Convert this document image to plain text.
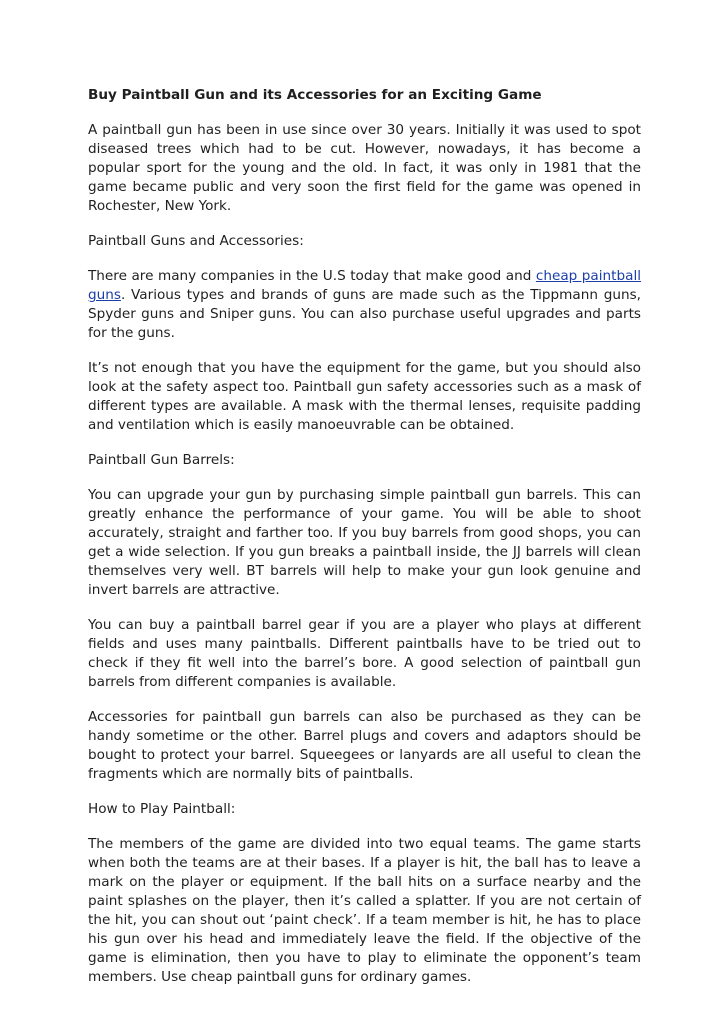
Buy Paintball Gun and its Accessories for an Exciting Game

A paintball gun has been in use since over 30 years. Initially it was used to spot diseased trees which had to be cut. However, nowadays, it has become a popular sport for the young and the old. In fact, it was only in 1981 that the game became public and very soon the first field for the game was opened in Rochester, New York.

Paintball Guns and Accessories:

There are many companies in the U.S today that make good and cheap paintball guns. Various types and brands of guns are made such as the Tippmann guns, Spyder guns and Sniper guns. You can also purchase useful upgrades and parts for the guns.

It’s not enough that you have the equipment for the game, but you should also look at the safety aspect too. Paintball gun safety accessories such as a mask of different types are available. A mask with the thermal lenses, requisite padding and ventilation which is easily manoeuvrable can be obtained.

Paintball Gun Barrels:

You can upgrade your gun by purchasing simple paintball gun barrels. This can greatly enhance the performance of your game. You will be able to shoot accurately, straight and farther too. If you buy barrels from good shops, you can get a wide selection. If you gun breaks a paintball inside, the JJ barrels will clean themselves very well. BT barrels will help to make your gun look genuine and invert barrels are attractive.

You can buy a paintball barrel gear if you are a player who plays at different fields and uses many paintballs. Different paintballs have to be tried out to check if they fit well into the barrel’s bore. A good selection of paintball gun barrels from different companies is available.

Accessories for paintball gun barrels can also be purchased as they can be handy sometime or the other. Barrel plugs and covers and adaptors should be bought to protect your barrel. Squeegees or lanyards are all useful to clean the fragments which are normally bits of paintballs.

How to Play Paintball:

The members of the game are divided into two equal teams. The game starts when both the teams are at their bases. If a player is hit, the ball has to leave a mark on the player or equipment. If the ball hits on a surface nearby and the paint splashes on the player, then it’s called a splatter. If you are not certain of the hit, you can shout out ‘paint check’. If a team member is hit, he has to place his gun over his head and immediately leave the field. If the objective of the game is elimination, then you have to play to eliminate the opponent’s team members. Use cheap paintball guns for ordinary games.
